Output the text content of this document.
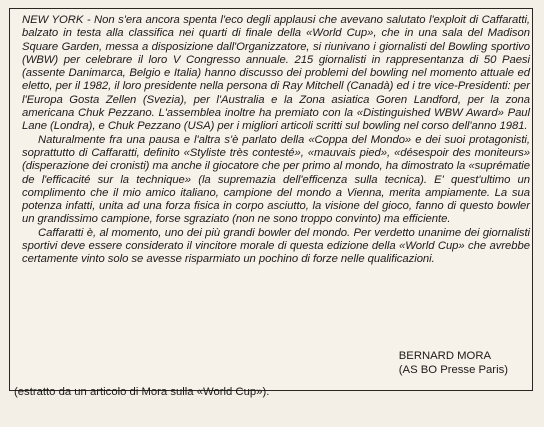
NEW YORK - Non s'era ancora spenta l'eco degli applausi che avevano salutato l'exploit di Caffaratti, balzato in testa alla classifica nei quarti di finale della «World Cup», che in una sala del Madison Square Garden, messa a disposizione dall'Organizzatore, si riunivano i giornalisti del Bowling sportivo (WBW) per celebrare il loro V Congresso annuale. 215 giornalisti in rappresentanza di 50 Paesi (assente Danimarca, Belgio e Italia) hanno discusso dei problemi del bowling nel momento attuale ed eletto, per il 1982, il loro presidente nella persona di Ray Mitchell (Canadà) ed i tre vice-Presidenti: per l'Europa Gosta Zellen (Svezia), per l'Australia e la Zona asiatica Goren Landford, per la zona americana Chuk Pezzano. L'assemblea inoltre ha premiato con la «Distinguished WBW Award» Paul Lane (Londra), e Chuk Pezzano (USA) per i migliori articoli scritti sul bowling nel corso dell'anno 1981.

Naturalmente fra una pausa e l'altra s'è parlato della «Coppa del Mondo» e dei suoi protagonisti, soprattutto di Caffaratti, definito «Styliste très contesté», «mauvais pied», «désespoir des moniteurs» (disperazione dei cronisti) ma anche il giocatore che per primo al mondo, ha dimostrato la «suprématie de l'efficacité sur la technique» (la supremazia dell'efficenza sulla tecnica). E' quest'ultimo un complimento che il mio amico italiano, campione del mondo a Vienna, merita ampiamente. La sua potenza infatti, unita ad una forza fisica in corpo asciutto, la visione del gioco, fanno di questo bowler un grandissimo campione, forse sgraziato (non ne sono troppo convinto) ma efficiente.

Caffaratti è, al momento, uno dei più grandi bowler del mondo. Per verdetto unanime dei giornalisti sportivi deve essere considerato il vincitore morale di questa edizione della «World Cup» che avrebbe certamente vinto solo se avesse risparmiato un pochino di forze nelle qualificazioni.

BERNARD MORA
(AS BO Presse Paris)
(estratto da un articolo di Mora sulla «World Cup»).
